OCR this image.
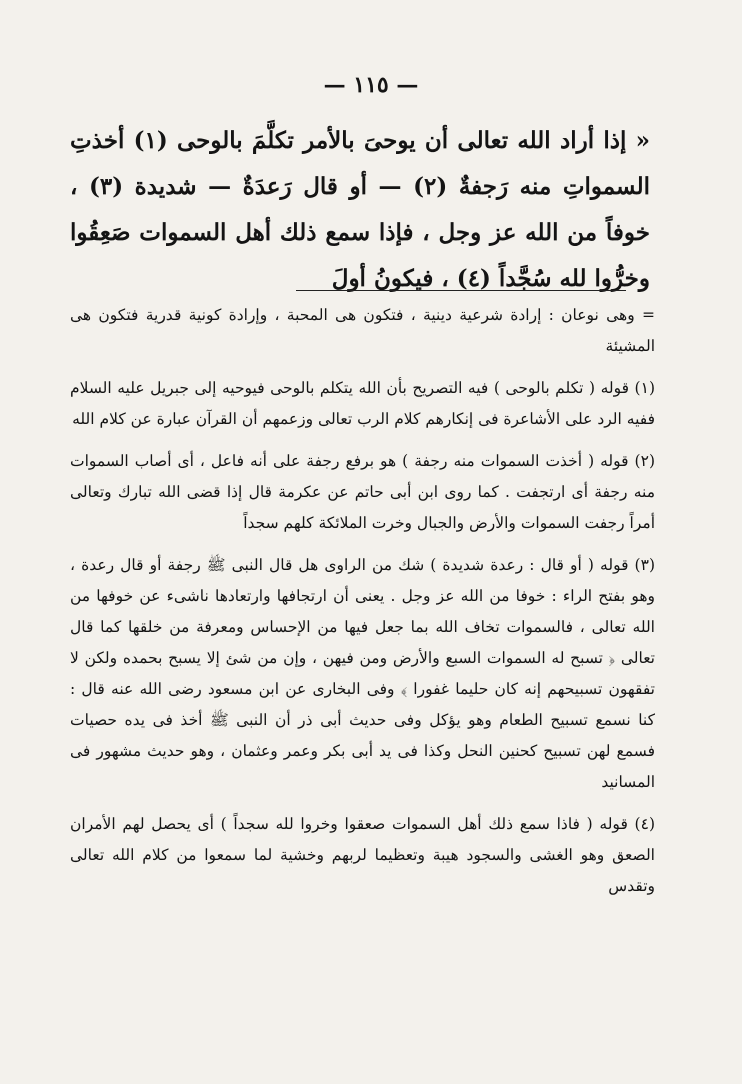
— ١١٥ —
« إذا أراد الله تعالى أن يوحىَ بالأمر تكلَّمَ بالوحى (١) أخذتِ السمواتِ منه رَجفةٌ (٢) — أو قال رَعدَةٌ — شديدة (٣) ، خوفاً من الله عز وجل ، فإذا سمع ذلك أهل السموات صَعِقُوا وخرُّوا لله سُجَّداً (٤) ، فيكونُ أولَ

= وهى نوعان : إرادة شرعية دينية ، فتكون هى المحبة ، وإرادة كونية قدرية فتكون هى المشيئة

(١) قوله ( تكلم بالوحى ) فيه التصريح بأن الله يتكلم بالوحى فيوحيه إلى جبريل عليه السلام ففيه الرد على الأشاعرة فى إنكارهم كلام الرب تعالى وزعمهم أن القرآن عبارة عن كلام الله

(٢) قوله ( أخذت السموات منه رجفة ) هو برفع رجفة على أنه فاعل ، أى أصاب السموات منه رجفة أى ارتجفت . كما روى ابن أبى حاتم عن عكرمة قال إذا قضى الله تبارك وتعالى أمراً رجفت السموات والأرض والجبال وخرت الملائكة كلهم سجداً

(٣) قوله ( أو قال : رعدة شديدة ) شك من الراوى هل قال النبى ﷺ رجفة أو قال رعدة ، وهو بفتح الراء : خوفا من الله عز وجل . يعنى أن ارتجافها وارتعادها ناشىء عن خوفها من الله تعالى ، فالسموات تخاف الله بما جعل فيها من الإحساس ومعرفة من خلقها كما قال تعالى ﴿ تسبح له السموات السبع والأرض ومن فيهن ، وإن من شئ إلا يسبح بحمده ولكن لا تفقهون تسبيحهم إنه كان حليما غفورا ﴾ وفى البخارى عن ابن مسعود رضى الله عنه قال : كنا نسمع تسبيح الطعام وهو يؤكل وفى حديث أبى ذر أن النبى ﷺ أخذ فى يده حصيات فسمع لهن تسبيح كحنين النحل وكذا فى يد أبى بكر وعمر وعثمان ، وهو حديث مشهور فى المسانيد

(٤) قوله ( فاذا سمع ذلك أهل السموات صعقوا وخروا لله سجداً ) أى يحصل لهم الأمران الصعق وهو الغشى والسجود هيبة وتعظيما لربهم وخشية لما سمعوا من كلام الله تعالى وتقدس
